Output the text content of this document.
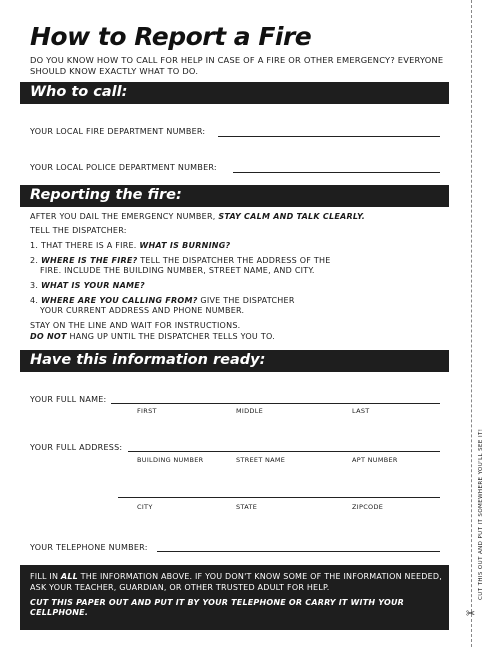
How to Report a Fire
DO YOU KNOW HOW TO CALL FOR HELP IN CASE OF A FIRE OR OTHER EMERGENCY? EVERYONE SHOULD KNOW EXACTLY WHAT TO DO.
Who to call:
YOUR LOCAL FIRE DEPARTMENT NUMBER:
YOUR LOCAL POLICE DEPARTMENT NUMBER:
Reporting the fire:
AFTER YOU DAIL THE EMERGENCY NUMBER, STAY CALM AND TALK CLEARLY.
TELL THE DISPATCHER:
1. THAT THERE IS A FIRE. WHAT IS BURNING?
2. WHERE IS THE FIRE? TELL THE DISPATCHER THE ADDRESS OF THE
FIRE. INCLUDE THE BUILDING NUMBER, STREET NAME, AND CITY.
3. WHAT IS YOUR NAME?
4. WHERE ARE YOU CALLING FROM? GIVE THE DISPATCHER
YOUR CURRENT ADDRESS AND PHONE NUMBER.
STAY ON THE LINE AND WAIT FOR INSTRUCTIONS.
DO NOT HANG UP UNTIL THE DISPATCHER TELLS YOU TO.
Have this information ready:
YOUR FULL NAME:
FIRST	MIDDLE	LAST
YOUR FULL ADDRESS:
BUILDING NUMBER	STREET NAME	APT NUMBER
CITY	STATE	ZIPCODE
YOUR TELEPHONE NUMBER:
FILL IN ALL THE INFORMATION ABOVE. IF YOU DON'T KNOW SOME OF THE INFORMATION NEEDED, ASK YOUR TEACHER, GUARDIAN, OR OTHER TRUSTED ADULT FOR HELP.
CUT THIS PAPER OUT AND PUT IT BY YOUR TELEPHONE OR CARRY IT WITH YOUR CELLPHONE.
CUT THIS OUT AND PUT IT SOMEWHERE YOU'LL SEE IT!
✂
